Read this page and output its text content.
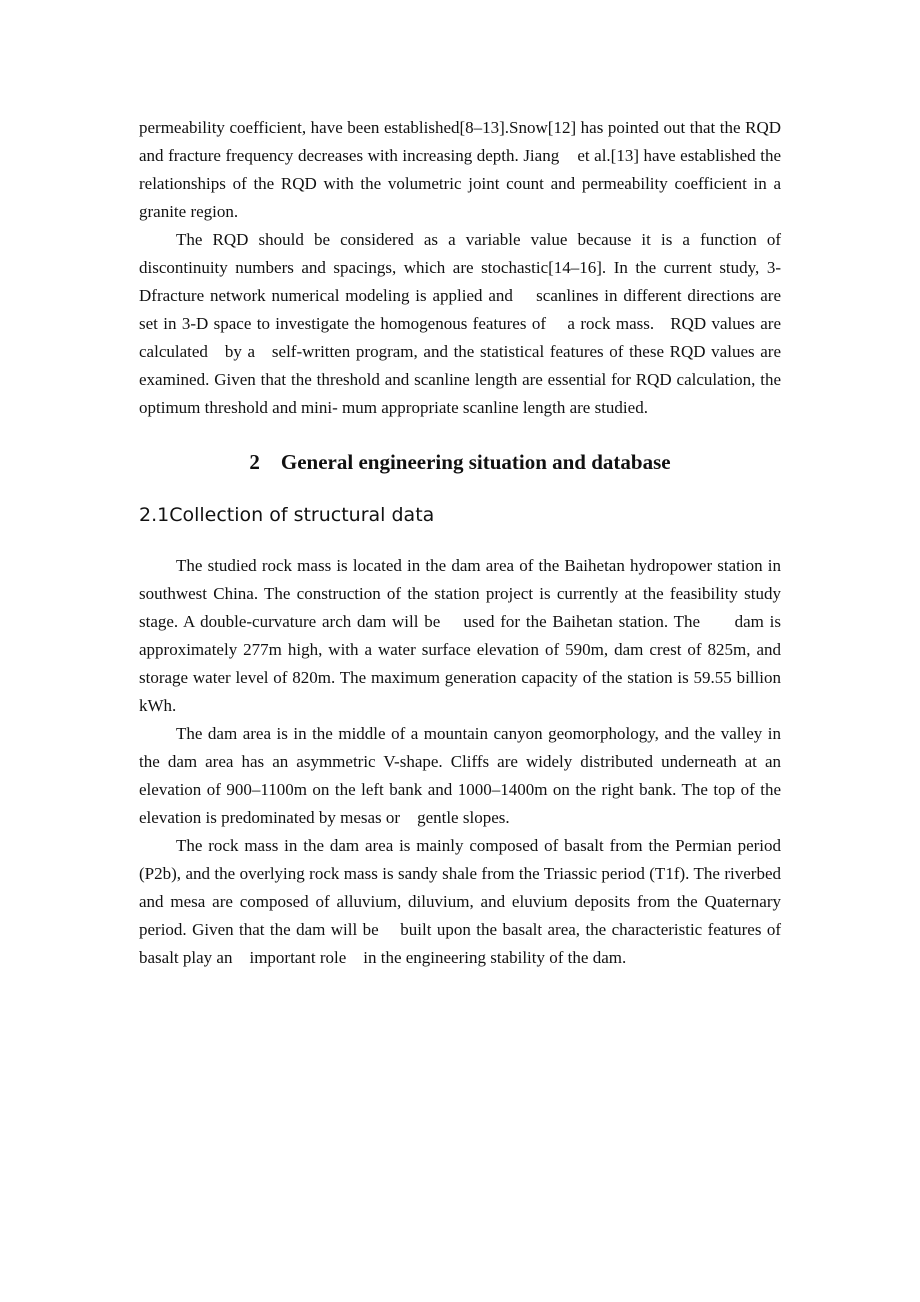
permeability coefficient, have been established[8–13].Snow[12] has pointed out that the RQD and fracture frequency decreases with increasing depth. Jiang    et al.[13] have established the relationships of the RQD with the volumetric joint count and permeability coefficient in a granite region.

The RQD should be considered as a variable value because it is a function of discontinuity numbers and spacings, which are stochastic[14–16]. In the current study, 3-Dfracture network numerical modeling is applied and    scanlines in different directions are set in 3-D space to investigate the homogenous features of    a rock mass.   RQD values are   calculated   by a   self-written program, and the statistical features of these RQD values are examined. Given that the threshold and scanline length are essential for RQD calculation, the optimum threshold and mini- mum appropriate scanline length are studied.

2    General engineering situation and database
2.1Collection of structural data

The studied rock mass is located in the dam area of the Baihetan hydropower station in southwest China. The construction of the station project is currently at the feasibility study stage. A double-curvature arch dam will be    used for the Baihetan station. The      dam is approximately 277m high, with a water surface elevation of 590m, dam crest of 825m, and storage water level of 820m. The maximum generation capacity of the station is 59.55 billion kWh.

The dam area is in the middle of a mountain canyon geomorphology, and the valley in the dam area has an asymmetric V-shape. Cliffs are widely distributed underneath at an elevation of 900–1100m on the left bank and 1000–1400m on the right bank. The top of the elevation is predominated by mesas or    gentle slopes.

The rock mass in the dam area is mainly composed of basalt from the Permian period (P2b), and the overlying rock mass is sandy shale from the Triassic period (T1f). The riverbed and mesa are composed of alluvium, diluvium, and eluvium deposits from the Quaternary period. Given that the dam will be    built upon the basalt area, the characteristic features of basalt play an    important role    in the engineering stability of the dam.
